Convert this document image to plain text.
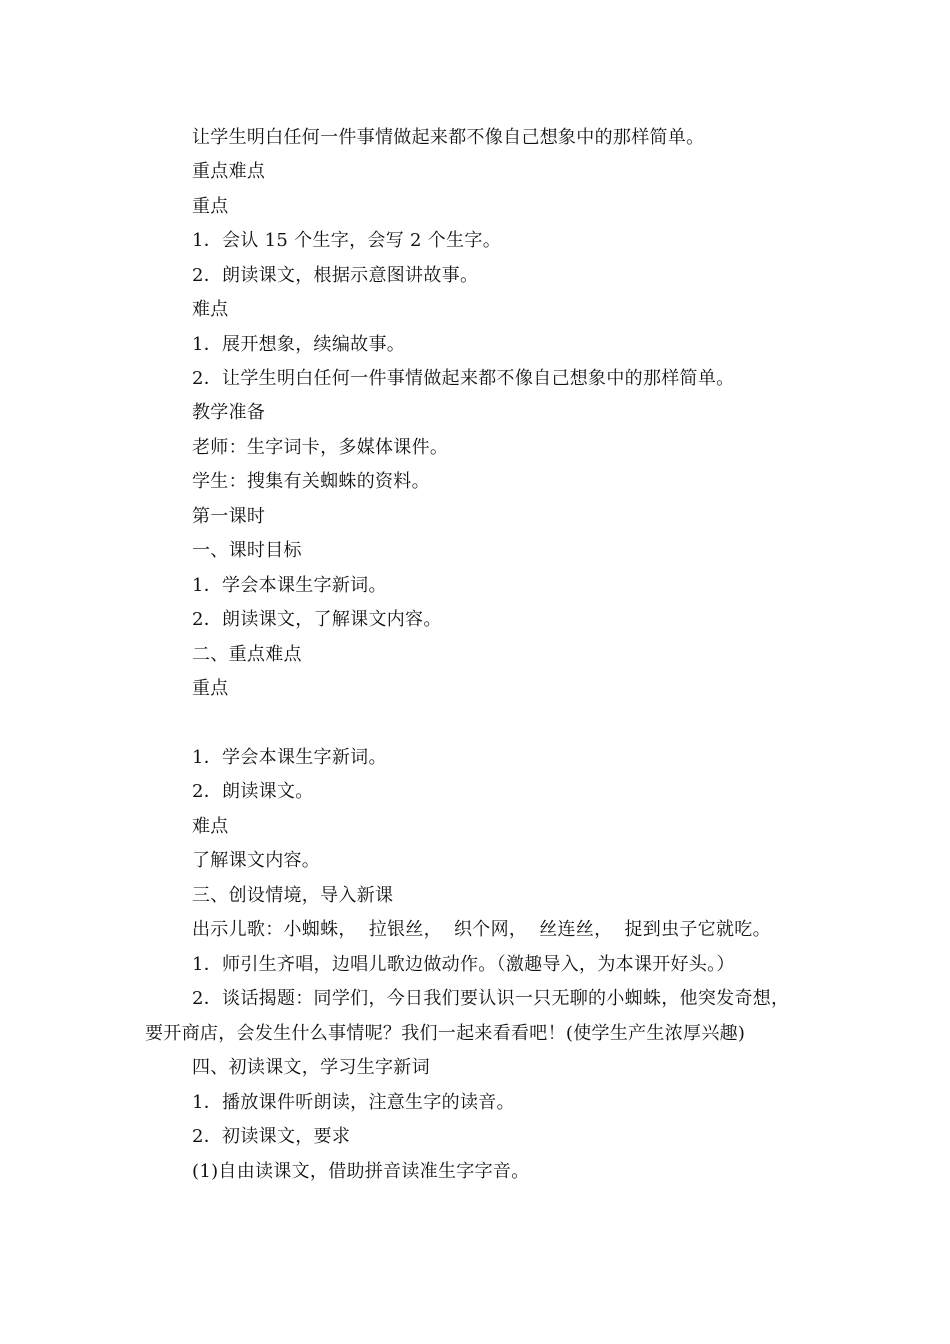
让学生明白任何一件事情做起来都不像自己想象中的那样简单。
重点难点
重点
1．会认 15 个生字，会写 2 个生字。
2．朗读课文，根据示意图讲故事。
难点
1．展开想象，续编故事。
2．让学生明白任何一件事情做起来都不像自己想象中的那样简单。
教学准备
老师：生字词卡，多媒体课件。
学生：搜集有关蜘蛛的资料。
第一课时
一、课时目标
1．学会本课生字新词。
2．朗读课文，了解课文内容。
二、重点难点
重点
1．学会本课生字新词。
2．朗读课文。
难点
了解课文内容。
三、创设情境，导入新课
出示儿歌：小蜘蛛，  拉银丝，  织个网，  丝连丝，  捉到虫子它就吃。
1．师引生齐唱，边唱儿歌边做动作。（激趣导入，为本课开好头。）
2．谈话揭题：同学们，今日我们要认识一只无聊的小蜘蛛，他突发奇想，
要开商店，会发生什么事情呢？我们一起来看看吧！(使学生产生浓厚兴趣)
四、初读课文，学习生字新词
1．播放课件听朗读，注意生字的读音。
2．初读课文，要求
(1)自由读课文，借助拼音读准生字字音。
